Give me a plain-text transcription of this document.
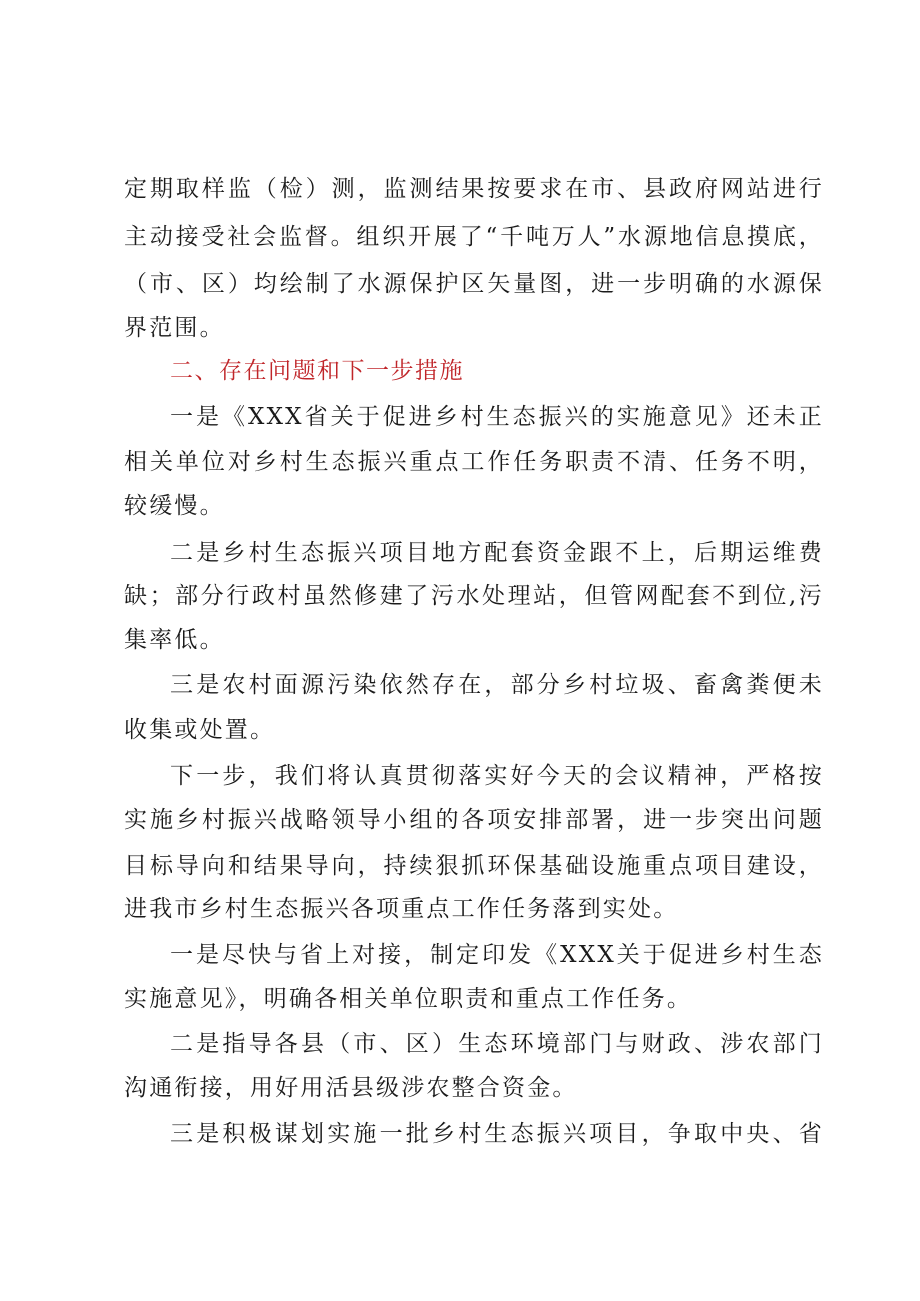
定期取样监（检）测，监测结果按要求在市、县政府网站进行
主动接受社会监督。组织开展了“千吨万人”水源地信息摸底，
（市、区）均绘制了水源保护区矢量图，进一步明确的水源保
界范围。
二、存在问题和下一步措施
一是《XXX省关于促进乡村生态振兴的实施意见》还未正
相关单位对乡村生态振兴重点工作任务职责不清、任务不明，
较缓慢。
二是乡村生态振兴项目地方配套资金跟不上，后期运维费
缺；部分行政村虽然修建了污水处理站，但管网配套不到位,污
集率低。
三是农村面源污染依然存在，部分乡村垃圾、畜禽粪便未
收集或处置。
下一步，我们将认真贯彻落实好今天的会议精神，严格按
实施乡村振兴战略领导小组的各项安排部署，进一步突出问题
目标导向和结果导向，持续狠抓环保基础设施重点项目建设，
进我市乡村生态振兴各项重点工作任务落到实处。
一是尽快与省上对接，制定印发《XXX关于促进乡村生态
实施意见》，明确各相关单位职责和重点工作任务。
二是指导各县（市、区）生态环境部门与财政、涉农部门
沟通衔接，用好用活县级涉农整合资金。
三是积极谋划实施一批乡村生态振兴项目，争取中央、省
